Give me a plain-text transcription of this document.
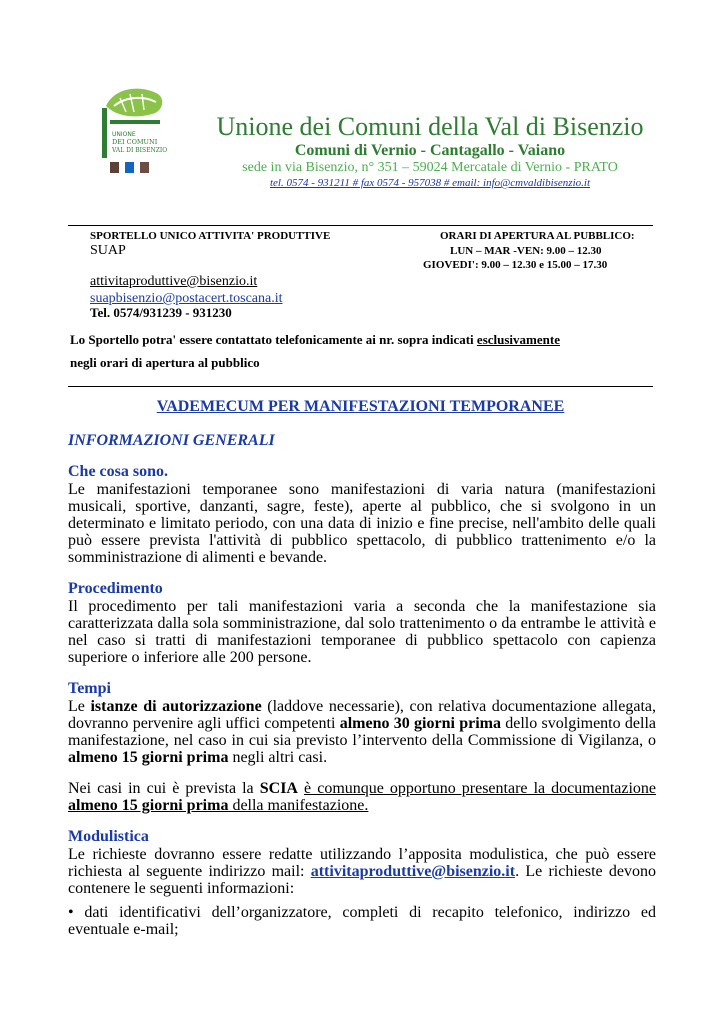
UNIONE
DEI COMUNI
VAL DI BISENZIO
Unione dei Comuni della Val di Bisenzio
Comuni di Vernio - Cantagallo - Vaiano
sede in via Bisenzio, n° 351 – 59024 Mercatale di Vernio - PRATO
tel. 0574 - 931211 # fax 0574 - 957038 # email: info@cmvaldibisenzio.it
SPORTELLO UNICO ATTIVITA' PRODUTTIVE
SUAP
ORARI DI APERTURA AL PUBBLICO:
LUN – MAR -VEN: 9.00 – 12.30
GIOVEDI': 9.00 – 12.30 e 15.00 – 17.30
attivitaproduttive@bisenzio.it
suapbisenzio@postacert.toscana.it
Tel. 0574/931239 - 931230
Lo Sportello potra' essere contattato telefonicamente ai nr. sopra indicati esclusivamente
negli orari di apertura al pubblico
VADEMECUM PER MANIFESTAZIONI TEMPORANEE
INFORMAZIONI GENERALI
Che cosa sono.
Le manifestazioni temporanee sono manifestazioni di varia natura (manifestazioni musicali, sportive, danzanti, sagre, feste), aperte al pubblico, che si svolgono in un determinato e limitato periodo, con una data di inizio e fine precise, nell'ambito delle quali può essere prevista l'attività di pubblico spettacolo, di pubblico trattenimento e/o la somministrazione di alimenti e bevande.
Procedimento
Il procedimento per tali manifestazioni varia a seconda che la manifestazione sia caratterizzata dalla sola somministrazione, dal solo trattenimento o da entrambe le attività e nel caso si tratti di manifestazioni temporanee di pubblico spettacolo con capienza superiore o inferiore alle 200 persone.
Tempi
Le istanze di autorizzazione (laddove necessarie), con relativa documentazione allegata, dovranno pervenire agli uffici competenti almeno 30 giorni prima dello svolgimento della manifestazione, nel caso in cui sia previsto l’intervento della Commissione di Vigilanza, o almeno 15 giorni prima negli altri casi.
Nei casi in cui è prevista la SCIA è comunque opportuno presentare la documentazione almeno 15 giorni prima della manifestazione.
Modulistica
Le richieste dovranno essere redatte utilizzando l’apposita modulistica, che può essere richiesta al seguente indirizzo mail: attivitaproduttive@bisenzio.it. Le richieste devono contenere le seguenti informazioni:
• dati identificativi dell’organizzatore, completi di recapito telefonico, indirizzo ed eventuale e-mail;
